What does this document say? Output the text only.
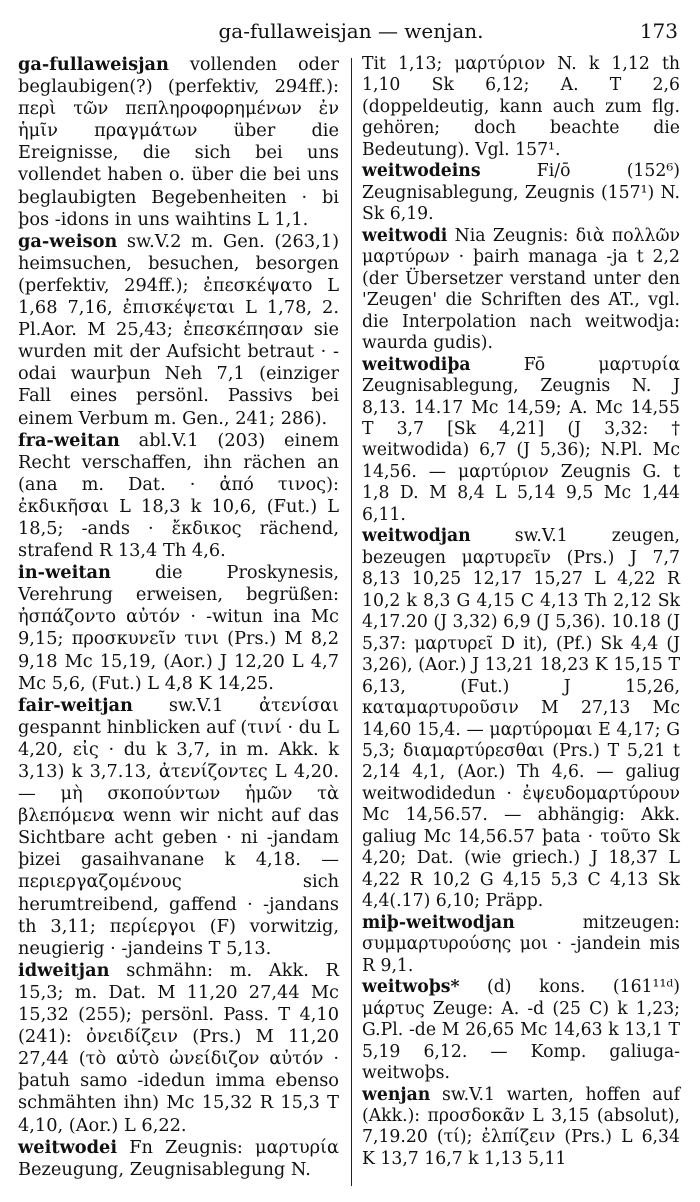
ga-fullaweisjan — wenjan.	173

ga-fullaweisjan vollenden oder beglaubigen(?) (perfektiv, 294ff.): περὶ τῶν πεπληροφορημένων ἐν ἡμῖν πραγμάτων über die Ereignisse, die sich bei uns vollendet haben o. über die bei uns beglaubigten Begebenheiten · bi þos -idons in uns waihtins L 1,1.

ga-weison sw.V.2 m. Gen. (263,1) heimsuchen, besuchen, besorgen (perfektiv, 294ff.); ἐπεσκέψατο L 1,68 7,16, ἐπισκέψεται L 1,78, 2. Pl.Aor. M 25,43; ἐπεσκέπησαν sie wurden mit der Aufsicht betraut · -odai waurþun Neh 7,1 (einziger Fall eines persönl. Passivs bei einem Verbum m. Gen., 241; 286).

fra-weitan abl.V.1 (203) einem Recht verschaffen, ihn rächen an (ana m. Dat. · ἀπό τινος): ἐκδικῆσαι L 18,3 k 10,6, (Fut.) L 18,5; -ands · ἔκδικος rächend, strafend R 13,4 Th 4,6.

in-weitan die Proskynesis, Verehrung erweisen, begrüßen: ἠσπάζοντο αὐτόν · -witun ina Mc 9,15; προσκυνεῖν τινι (Prs.) M 8,2 9,18 Mc 15,19, (Aor.) J 12,20 L 4,7 Mc 5,6, (Fut.) L 4,8 K 14,25.

fair-weitjan sw.V.1 ἀτενίσαι gespannt hinblicken auf (τινί · du L 4,20, εἰς · du k 3,7, in m. Akk. k 3,13) k 3,7.13, ἀτενίζοντες L 4,20. — μὴ σκοπούντων ἡμῶν τὰ βλεπόμενα wenn wir nicht auf das Sichtbare acht geben · ni -jandam þizei gasaihvanane k 4,18. — περιεργαζομένους sich herumtreibend, gaffend · -jandans th 3,11; περίεργοι (F) vorwitzig, neugierig · -jandeins T 5,13.

idweitjan schmähn: m. Akk. R 15,3; m. Dat. M 11,20 27,44 Mc 15,32 (255); persönl. Pass. T 4,10 (241): ὀνειδίζειν (Prs.) M 11,20 27,44 (τὸ αὐτὸ ὠνείδιζον αὐτόν · þatuh samo -idedun imma ebenso schmähten ihn) Mc 15,32 R 15,3 T 4,10, (Aor.) L 6,22.

weitwodei Fn Zeugnis: μαρτυρία Bezeugung, Zeugnisablegung N.

Tit 1,13; μαρτύριον N. k 1,12 th 1,10 Sk 6,12; A. T 2,6 (doppeldeutig, kann auch zum flg. gehören; doch beachte die Bedeutung). Vgl. 157¹.

weitwodeins	Fi/ō (152⁶) Zeugnisablegung, Zeugnis (157¹) N. Sk 6,19.

weitwodi Nia Zeugnis: διὰ πολλῶν μαρτύρων · þairh managa -ja t 2,2 (der Übersetzer verstand unter den 'Zeugen' die Schriften des AT., vgl. die Interpolation nach weitwodja: waurda gudis).

weitwodiþa	Fō μαρτυρία Zeugnisablegung, Zeugnis N. J 8,13. 14.17 Mc 14,59; A. Mc 14,55 T 3,7 [Sk 4,21] (J 3,32: † weitwodida) 6,7 (J 5,36); N.Pl. Mc 14,56. — μαρτύριον Zeugnis G. t 1,8 D. M 8,4 L 5,14 9,5 Mc 1,44 6,11.

weitwodjan	sw.V.1 zeugen, bezeugen μαρτυρεῖν (Prs.) J 7,7 8,13 10,25 12,17 15,27 L 4,22 R 10,2 k 8,3 G 4,15 C 4,13 Th 2,12 Sk 4,17.20 (J 3,32) 6,9 (J 5,36). 10.18 (J 5,37: μαρτυρεῖ D it), (Pf.) Sk 4,4 (J 3,26), (Aor.) J 13,21 18,23 K 15,15 T 6,13, (Fut.) J 15,26, καταμαρτυροῦσιν M 27,13 Mc 14,60 15,4. — μαρτύρομαι E 4,17; G 5,3; διαμαρτύρεσθαι (Prs.) T 5,21 t 2,14 4,1, (Aor.) Th 4,6. — galiug weitwodidedun · ἐψευδομαρτύρουν Mc 14,56.57. — abhängig: Akk. galiug Mc 14,56.57 þata · τοῦτο Sk 4,20; Dat. (wie griech.) J 18,37 L 4,22 R 10,2 G 4,15 5,3 C 4,13 Sk 4,4(.17) 6,10; Präpp.

miþ-weitwodjan	mitzeugen: συμμαρτυρούσης μοι · -jandein mis R 9,1.

weitwoþs* (d) kons. (161¹¹ᵈ) μάρτυς Zeuge: A. -d (25 C) k 1,23; G.Pl. -de M 26,65 Mc 14,63 k 13,1 T 5,19 6,12. — Komp. galiuga-weitwoþs.

wenjan sw.V.1 warten, hoffen auf (Akk.): προσδοκᾶν L 3,15 (absolut), 7,19.20 (τί); ἐλπίζειν (Prs.) L 6,34 K 13,7 16,7 k 1,13 5,11
